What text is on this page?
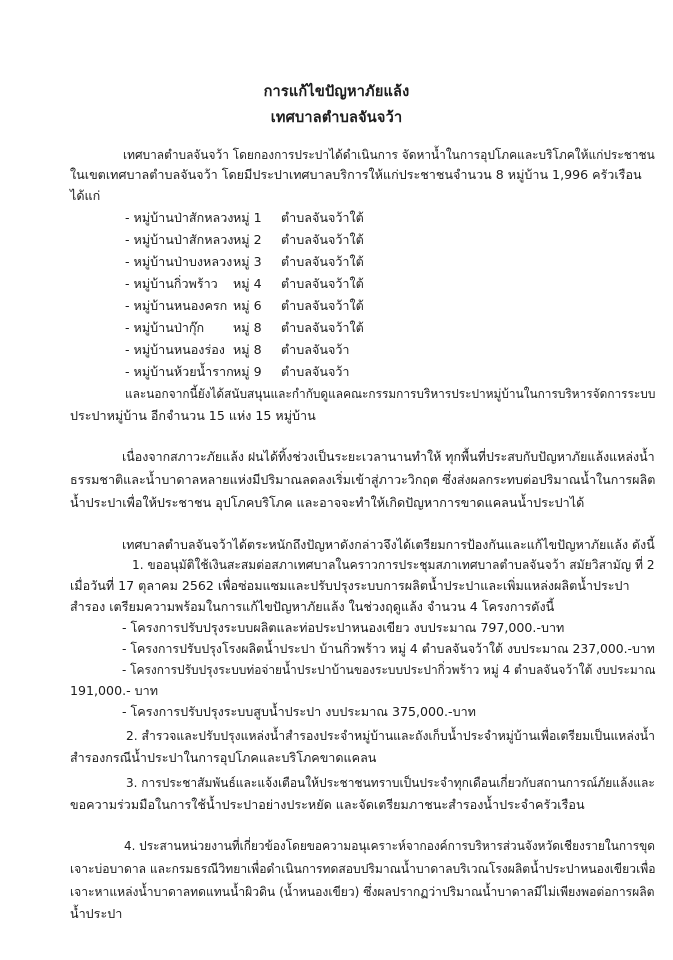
การแก้ไขปัญหาภัยแล้ง
เทศบาลตำบลจันจว้า
เทศบาลตำบลจันจว้า โดยกองการประปาได้ดำเนินการ จัดหาน้ำในการอุปโภคและบริโภคให้แก่ประชาชน
ในเขตเทศบาลตำบลจันจว้า โดยมีประปาเทศบาลบริการให้แก่ประชาชนจำนวน 8 หมู่บ้าน 1,996 ครัวเรือน
ได้แก่
- หมู่บ้านป่าสักหลวงหมู่ 1 ตำบลจันจว้าใต้
- หมู่บ้านป่าสักหลวงหมู่ 2 ตำบลจันจว้าใต้
- หมู่บ้านป่าบงหลวงหมู่ 3 ตำบลจันจว้าใต้
- หมู่บ้านกิ่วพร้าว หมู่ 4 ตำบลจันจว้าใต้
- หมู่บ้านหนองครก หมู่ 6 ตำบลจันจว้าใต้
- หมู่บ้านป่ากุ๊ก หมู่ 8 ตำบลจันจว้าใต้
- หมู่บ้านหนองร่อง หมู่ 8 ตำบลจันจว้า
- หมู่บ้านห้วยน้ำรากหมู่ 9 ตำบลจันจว้า
และนอกจากนี้ยังได้สนับสนุนและกำกับดูแลคณะกรรมการบริหารประปาหมู่บ้านในการบริหารจัดการระบบ
ประปาหมู่บ้าน อีกจำนวน 15 แห่ง 15 หมู่บ้าน
เนื่องจากสภาวะภัยแล้ง ฝนได้ทิ้งช่วงเป็นระยะเวลานานทำให้ ทุกพื้นที่ประสบกับปัญหาภัยแล้งแหล่งน้ำ
ธรรมชาติและน้ำบาดาลหลายแห่งมีปริมาณลดลงเริ่มเข้าสู่ภาวะวิกฤต ซึ่งส่งผลกระทบต่อปริมาณน้ำในการผลิต
น้ำประปาเพื่อให้ประชาชน อุปโภคบริโภค และอาจจะทำให้เกิดปัญหาการขาดแคลนน้ำประปาได้
เทศบาลตำบลจันจว้าได้ตระหนักถึงปัญหาดังกล่าวจึงได้เตรียมการป้องกันและแก้ไขปัญหาภัยแล้ง ดังนี้
1. ขออนุมัติใช้เงินสะสมต่อสภาเทศบาลในคราวการประชุมสภาเทศบาลตำบลจันจว้า สมัยวิสามัญ ที่ 2
เมื่อวันที่ 17 ตุลาคม 2562 เพื่อซ่อมแซมและปรับปรุงระบบการผลิตน้ำประปาและเพิ่มแหล่งผลิตน้ำประปา
สำรอง เตรียมความพร้อมในการแก้ไขปัญหาภัยแล้ง ในช่วงฤดูแล้ง จำนวน 4 โครงการดังนี้
- โครงการปรับปรุงระบบผลิตและท่อประปาหนองเขียว งบประมาณ 797,000.-บาท
- โครงการปรับปรุงโรงผลิตน้ำประปา บ้านกิ่วพร้าว หมู่ 4 ตำบลจันจว้าใต้ งบประมาณ 237,000.-บาท
- โครงการปรับปรุงระบบท่อจ่ายน้ำประปาบ้านของระบบประปากิ่วพร้าว หมู่ 4 ตำบลจันจว้าใต้ งบประมาณ
191,000.- บาท
- โครงการปรับปรุงระบบสูบน้ำประปา งบประมาณ 375,000.-บาท
2. สำรวจและปรับปรุงแหล่งน้ำสำรองประจำหมู่บ้านและถังเก็บน้ำประจำหมู่บ้านเพื่อเตรียมเป็นแหล่งน้ำ
สำรองกรณีน้ำประปาในการอุปโภคและบริโภคขาดแคลน
3. การประชาสัมพันธ์และแจ้งเตือนให้ประชาชนทราบเป็นประจำทุกเดือนเกี่ยวกับสถานการณ์ภัยแล้งและ
ขอความร่วมมือในการใช้น้ำประปาอย่างประหยัด และจัดเตรียมภาชนะสำรองน้ำประจำครัวเรือน
4. ประสานหน่วยงานที่เกี่ยวข้องโดยขอความอนุเคราะห์จากองค์การบริหารส่วนจังหวัดเชียงรายในการขุด
เจาะบ่อบาดาล และกรมธรณีวิทยาเพื่อดำเนินการทดสอบปริมาณน้ำบาดาลบริเวณโรงผลิตน้ำประปาหนองเขียวเพื่อ
เจาะหาแหล่งน้ำบาดาลทดแทนน้ำผิวดิน (น้ำหนองเขียว) ซึ่งผลปรากฏว่าปริมาณน้ำบาดาลมีไม่เพียงพอต่อการผลิต
น้ำประปา
